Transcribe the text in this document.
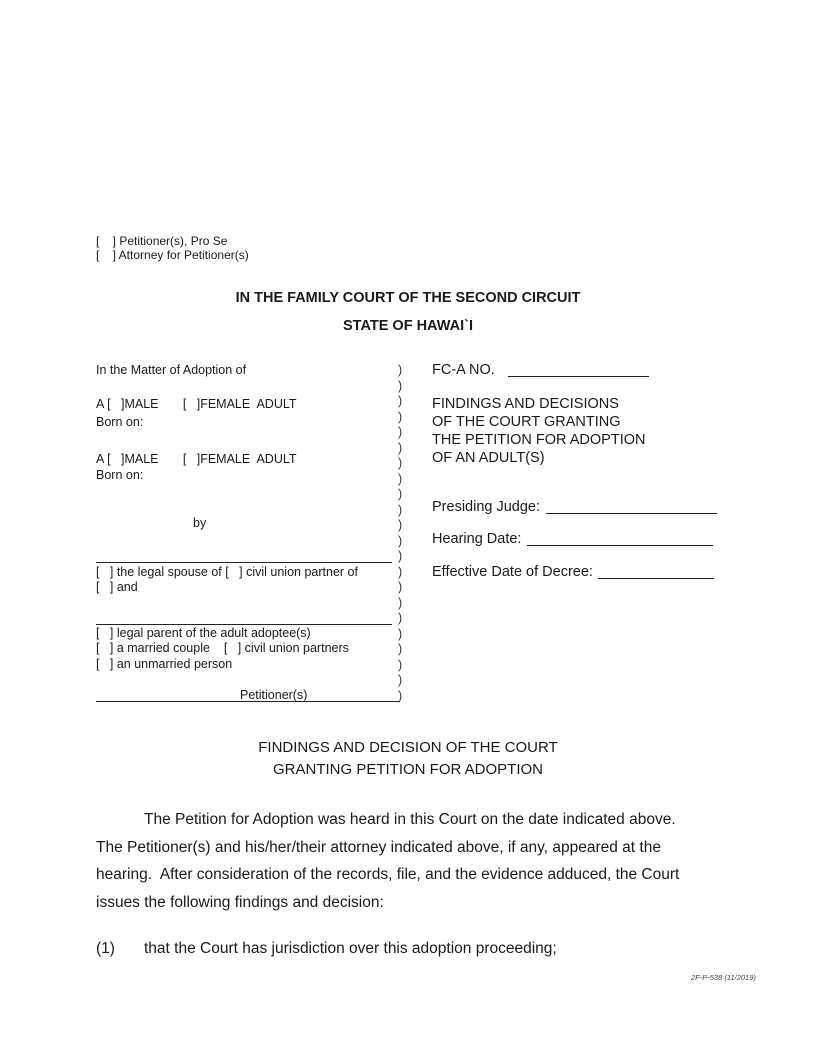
[    ] Petitioner(s), Pro Se
[    ] Attorney for Petitioner(s)
IN THE FAMILY COURT OF THE SECOND CIRCUIT
STATE OF HAWAI`I
In the Matter of Adoption of
A [   ]MALE       [   ]FEMALE  ADULT
Born on:
A [   ]MALE       [   ]FEMALE  ADULT
Born on:
by
[   ] the legal spouse of [   ] civil union partner of
[   ] and
[   ] legal parent of the adult adoptee(s)
[   ] a married couple    [   ] civil union partners
[   ] an unmarried person
Petitioner(s)
)
)
)
)
)
)
)
)
)
)
)
)
)
)
)
)
)
)
)
)
)
)
FC-A NO.
FINDINGS AND DECISIONS
OF THE COURT GRANTING
THE PETITION FOR ADOPTION
OF AN ADULT(S)
Presiding Judge:
Hearing Date:
Effective Date of Decree:
FINDINGS AND DECISION OF THE COURT
GRANTING PETITION FOR ADOPTION
The Petition for Adoption was heard in this Court on the date indicated above.
The Petitioner(s) and his/her/their attorney indicated above, if any, appeared at the
hearing.  After consideration of the records, file, and the evidence adduced, the Court
issues the following findings and decision:
(1)	that the Court has jurisdiction over this adoption proceeding;
2F-P-538 (11/2019)
